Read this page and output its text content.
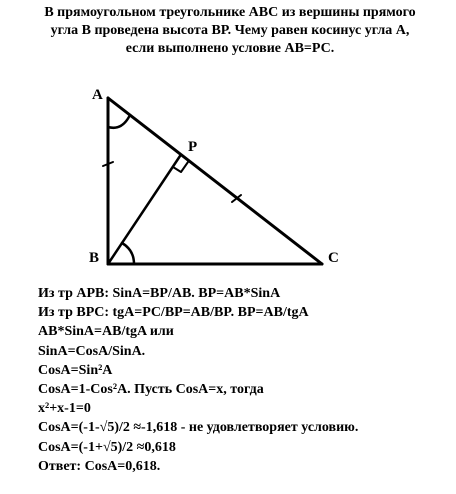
В прямоугольном треугольнике АВС из вершины прямого
угла В проведена высота ВР. Чему равен косинус угла А,
если выполнено условие АВ=РС.
A
P
B	C
Из тр APB: SinA=BP/AB. BP=AB*SinA
Из тр BPC: tgA=PC/BP=AB/BP. BP=AB/tgA
AB*SinA=AB/tgA или
SinA=CosA/SinA.
CosA=Sin²A
CosA=1-Cos²A. Пусть CosA=x, тогда
x²+x-1=0
CosA=(-1-√5)/2 ≈-1,618 - не удовлетворяет условию.
CosA=(-1+√5)/2 ≈0,618
Ответ: CosA=0,618.
